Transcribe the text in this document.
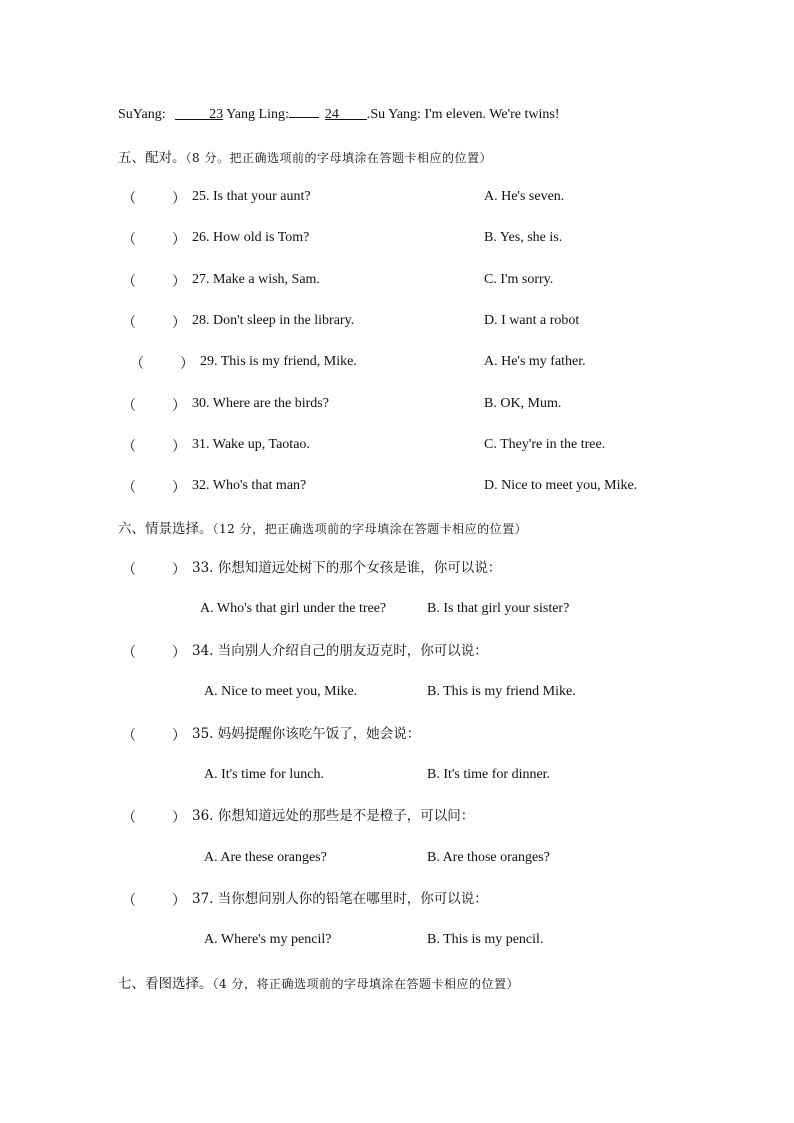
SuYang:	23 Yang Ling:	24 .Su Yang: I'm eleven. We're twins!
五、配对。（8 分。把正确选项前的字母填涂在答题卡相应的位置）
（	） 25. Is that your aunt?	A. He's seven.
（	） 26. How old is Tom?	B. Yes, she is.
（	） 27. Make a wish, Sam.	C. I'm sorry.
（	） 28. Don't sleep in the library.	D. I want a robot
（	） 29. This is my friend, Mike.	A. He's my father.
（	） 30. Where are the birds?	B. OK, Mum.
（	） 31. Wake up, Taotao.	C. They're in the tree.
（	） 32. Who's that man?	D. Nice to meet you, Mike.
六、情景选择。（12 分，把正确选项前的字母填涂在答题卡相应的位置）
（	） 33. 你想知道远处树下的那个女孩是谁，你可以说：
A. Who's that girl under the tree?	B. Is that girl your sister?
（	） 34. 当向别人介绍自己的朋友迈克时，你可以说：
A. Nice to meet you, Mike.	B. This is my friend Mike.
（	） 35. 妈妈提醒你该吃午饭了，她会说：
A. It's time for lunch.	B. It's time for dinner.
（	） 36. 你想知道远处的那些是不是橙子，可以问：
A. Are these oranges?	B. Are those oranges?
（	） 37. 当你想问别人你的铅笔在哪里时，你可以说：
A. Where's my pencil?	B. This is my pencil.
七、看图选择。（4 分，将正确选项前的字母填涂在答题卡相应的位置）
